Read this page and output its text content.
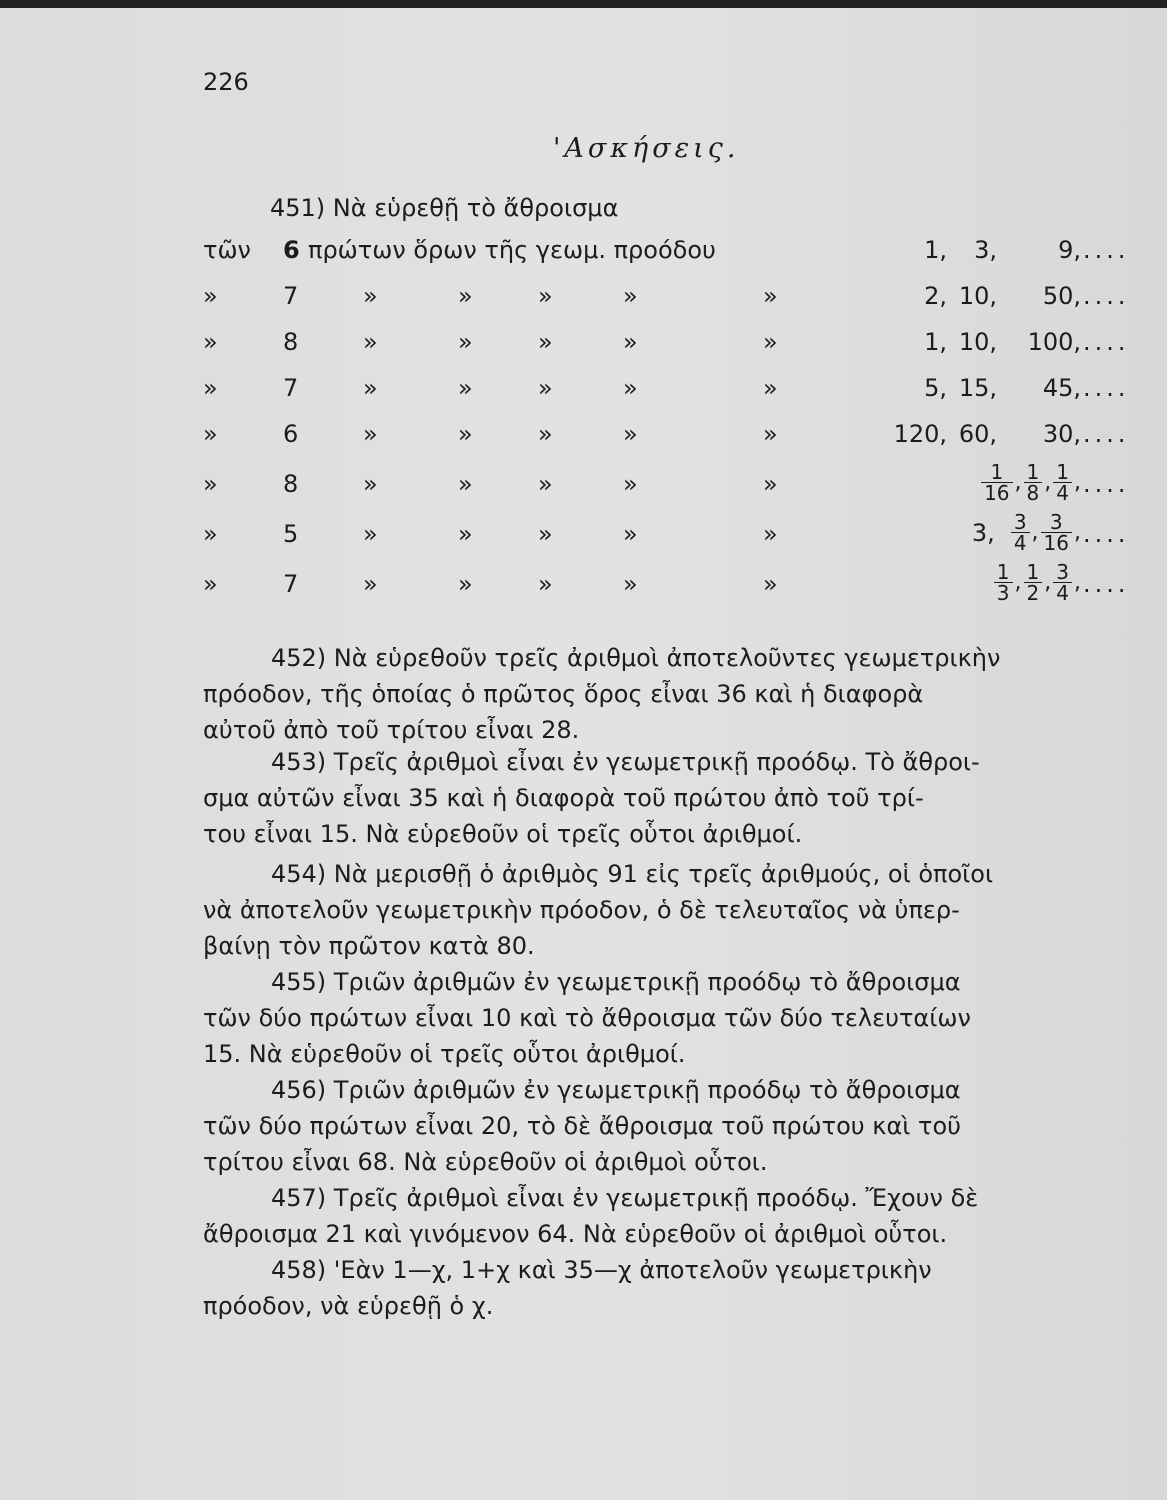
226
'Ασκήσεις.
451) Νὰ εὑρεθῇ τὸ ἄθροισμα
τῶν 6 πρώτων ὅρων τῆς γεωμ. προόδου	1,	3,	9, ....
»	7	»	»	»	»	»	2, 10,	50, ....
»	8	»	»	»	»	»	1, 10,	100, ....
»	7	»	»	»	»	»	5, 15,	45, ....
»	6	»	»	»	»	»	120, 60,	30, ....
»	8	»	»	»	»	»	$\frac{1}{16}$ , $\frac{1}{8}$ , $\frac{1}{4}$ , ....
»	5	»	»	»	»	»	3, $\frac{3}{4}$ , $\frac{3}{16}$ , ....
»	7	»	»	»	»	»	$\frac{1}{3}$ , $\frac{1}{2}$ , $\frac{3}{4}$ , ....
452) Νὰ εὑρεθοῦν τρεῖς ἀριθμοὶ ἀποτελοῦντες γεωμετρικὴν
πρόοδον, τῆς ὁποίας ὁ πρῶτος ὅρος εἶναι 36 καὶ ἡ διαφορὰ
αὐτοῦ ἀπὸ τοῦ τρίτου εἶναι 28.
453) Τρεῖς ἀριθμοὶ εἶναι ἐν γεωμετρικῇ προόδῳ. Τὸ ἄθροι-
σμα αὐτῶν εἶναι 35 καὶ ἡ διαφορὰ τοῦ πρώτου ἀπὸ τοῦ τρί-
του εἶναι 15. Νὰ εὑρεθοῦν οἱ τρεῖς οὗτοι ἀριθμοί.
454) Νὰ μερισθῇ ὁ ἀριθμὸς 91 εἰς τρεῖς ἀριθμούς, οἱ ὁποῖοι
νὰ ἀποτελοῦν γεωμετρικὴν πρόοδον, ὁ δὲ τελευταῖος νὰ ὑπερ-
βαίνῃ τὸν πρῶτον κατὰ 80.
455) Τριῶν ἀριθμῶν ἐν γεωμετρικῇ προόδῳ τὸ ἄθροισμα
τῶν δύο πρώτων εἶναι 10 καὶ τὸ ἄθροισμα τῶν δύο τελευταίων
15. Νὰ εὑρεθοῦν οἱ τρεῖς οὗτοι ἀριθμοί.
456) Τριῶν ἀριθμῶν ἐν γεωμετρικῇ προόδῳ τὸ ἄθροισμα
τῶν δύο πρώτων εἶναι 20, τὸ δὲ ἄθροισμα τοῦ πρώτου καὶ τοῦ
τρίτου εἶναι 68. Νὰ εὑρεθοῦν οἱ ἀριθμοὶ οὗτοι.
457) Τρεῖς ἀριθμοὶ εἶναι ἐν γεωμετρικῇ προόδῳ. Ἔχουν δὲ
ἄθροισμα 21 καὶ γινόμενον 64. Νὰ εὑρεθοῦν οἱ ἀριθμοὶ οὗτοι.
458) 'Εὰν 1—χ, 1+χ καὶ 35—χ ἀποτελοῦν γεωμετρικὴν
πρόοδον, νὰ εὑρεθῇ ὁ χ.
